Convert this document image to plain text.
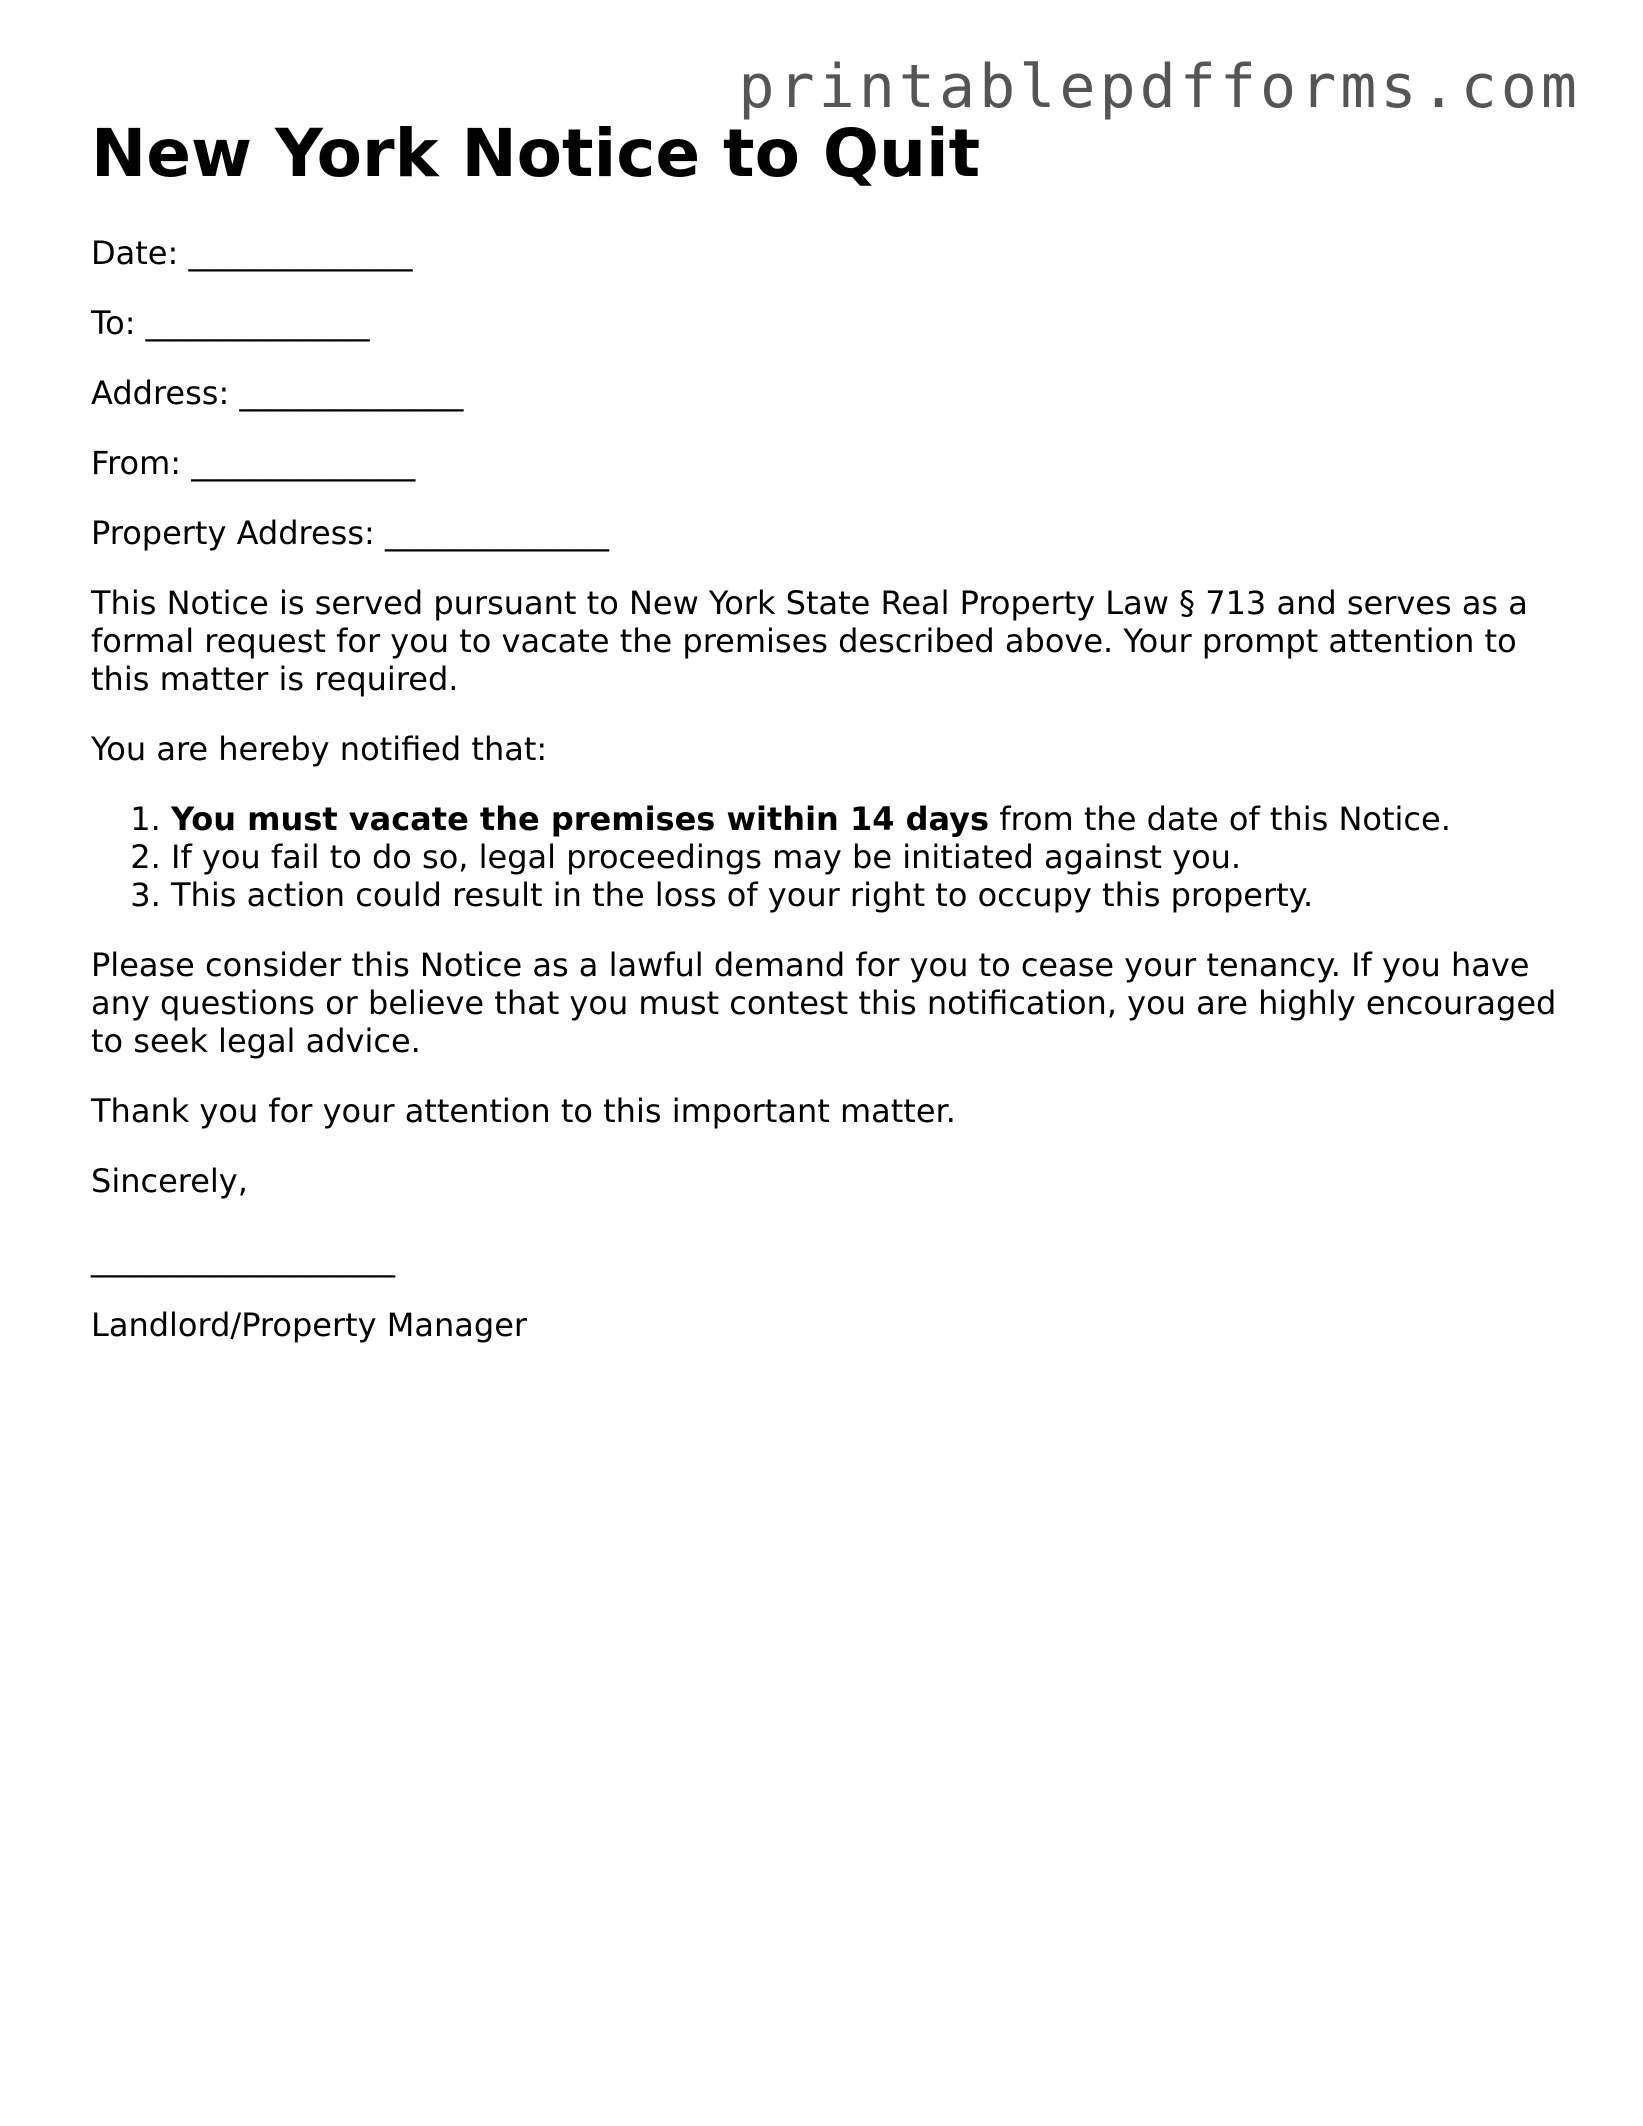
printablepdfforms.com
New York Notice to Quit
Date: ______________
To: ______________
Address: ______________
From: ______________
Property Address: ______________

This Notice is served pursuant to New York State Real Property Law § 713 and serves as a formal request for you to vacate the premises described above. Your prompt attention to this matter is required.

You are hereby notified that:

1. You must vacate the premises within 14 days from the date of this Notice.
2. If you fail to do so, legal proceedings may be initiated against you.
3. This action could result in the loss of your right to occupy this property.

Please consider this Notice as a lawful demand for you to cease your tenancy. If you have any questions or believe that you must contest this notification, you are highly encouraged to seek legal advice.

Thank you for your attention to this important matter.

Sincerely,

___________________

Landlord/Property Manager
